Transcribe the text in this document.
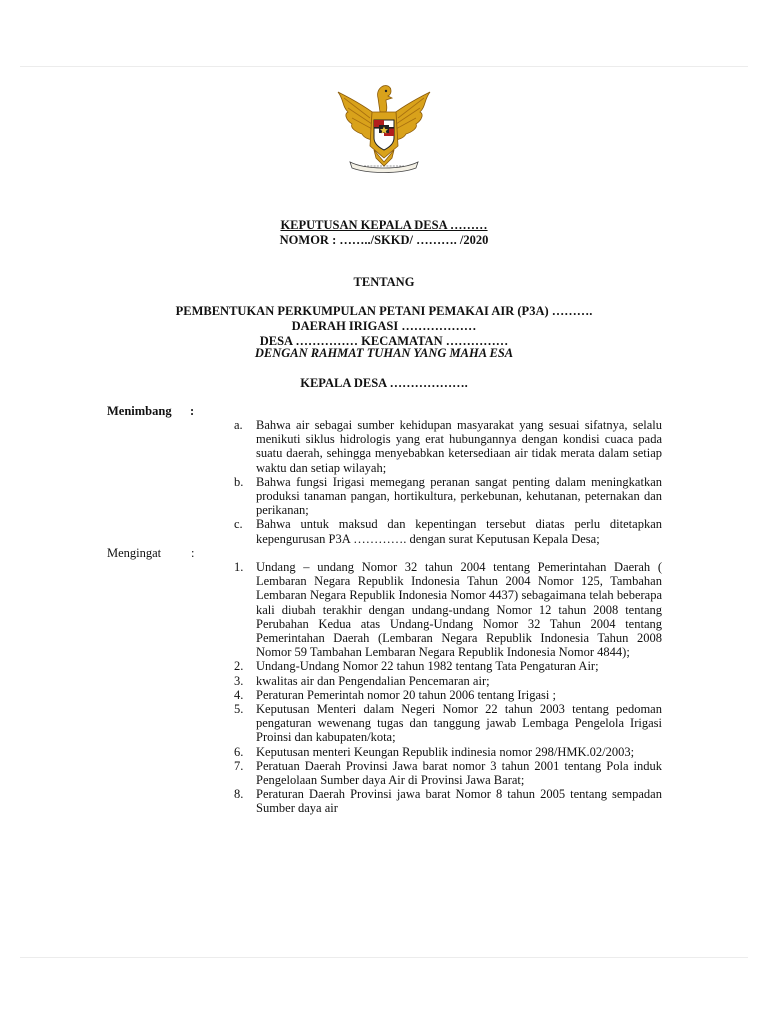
KEPUTUSAN KEPALA DESA ………
NOMOR : ……../SKKD/ ………. /2020
TENTANG
PEMBENTUKAN PERKUMPULAN PETANI PEMAKAI AIR (P3A) ……….
DAERAH IRIGASI ………………
DESA …………… KECAMATAN ……………
DENGAN RAHMAT TUHAN YANG MAHA ESA
KEPALA DESA ……………….
Menimbang :
a.	Bahwa air sebagai sumber kehidupan masyarakat yang sesuai sifatnya, selalu menikuti siklus hidrologis yang erat hubungannya dengan kondisi cuaca pada suatu daerah, sehingga menyebabkan ketersediaan air tidak merata dalam setiap waktu dan setiap wilayah;
b.	Bahwa fungsi Irigasi memegang peranan sangat penting dalam meningkatkan produksi tanaman pangan, hortikultura, perkebunan, kehutanan, peternakan dan perikanan;
c.	Bahwa untuk maksud dan kepentingan tersebut diatas perlu ditetapkan kepengurusan P3A …………. dengan surat Keputusan Kepala Desa;
Mengingat :
1.	Undang – undang Nomor 32 tahun 2004 tentang Pemerintahan Daerah ( Lembaran Negara Republik Indonesia Tahun 2004 Nomor 125, Tambahan Lembaran Negara Republik Indonesia Nomor 4437) sebagaimana telah beberapa kali diubah terakhir dengan undang-undang Nomor 12 tahun 2008 tentang Perubahan Kedua atas Undang-Undang Nomor 32 Tahun 2004 tentang Pemerintahan Daerah (Lembaran Negara Republik Indonesia Tahun 2008 Nomor 59 Tambahan Lembaran Negara Republik Indonesia Nomor 4844);
2.	Undang-Undang Nomor 22 tahun 1982 tentang Tata Pengaturan Air;
3.	kwalitas air dan Pengendalian Pencemaran air;
4.	Peraturan Pemerintah nomor 20 tahun 2006 tentang Irigasi ;
5.	Keputusan Menteri dalam Negeri Nomor 22 tahun 2003 tentang pedoman pengaturan wewenang tugas dan tanggung jawab Lembaga Pengelola Irigasi Proinsi dan kabupaten/kota;
6.	Keputusan menteri Keungan Republik indinesia nomor 298/HMK.02/2003;
7.	Peratuan Daerah Provinsi Jawa barat nomor 3 tahun 2001 tentang Pola induk Pengelolaan Sumber daya Air di Provinsi Jawa Barat;
8.	Peraturan Daerah Provinsi jawa barat Nomor 8 tahun 2005 tentang sempadan Sumber daya air
